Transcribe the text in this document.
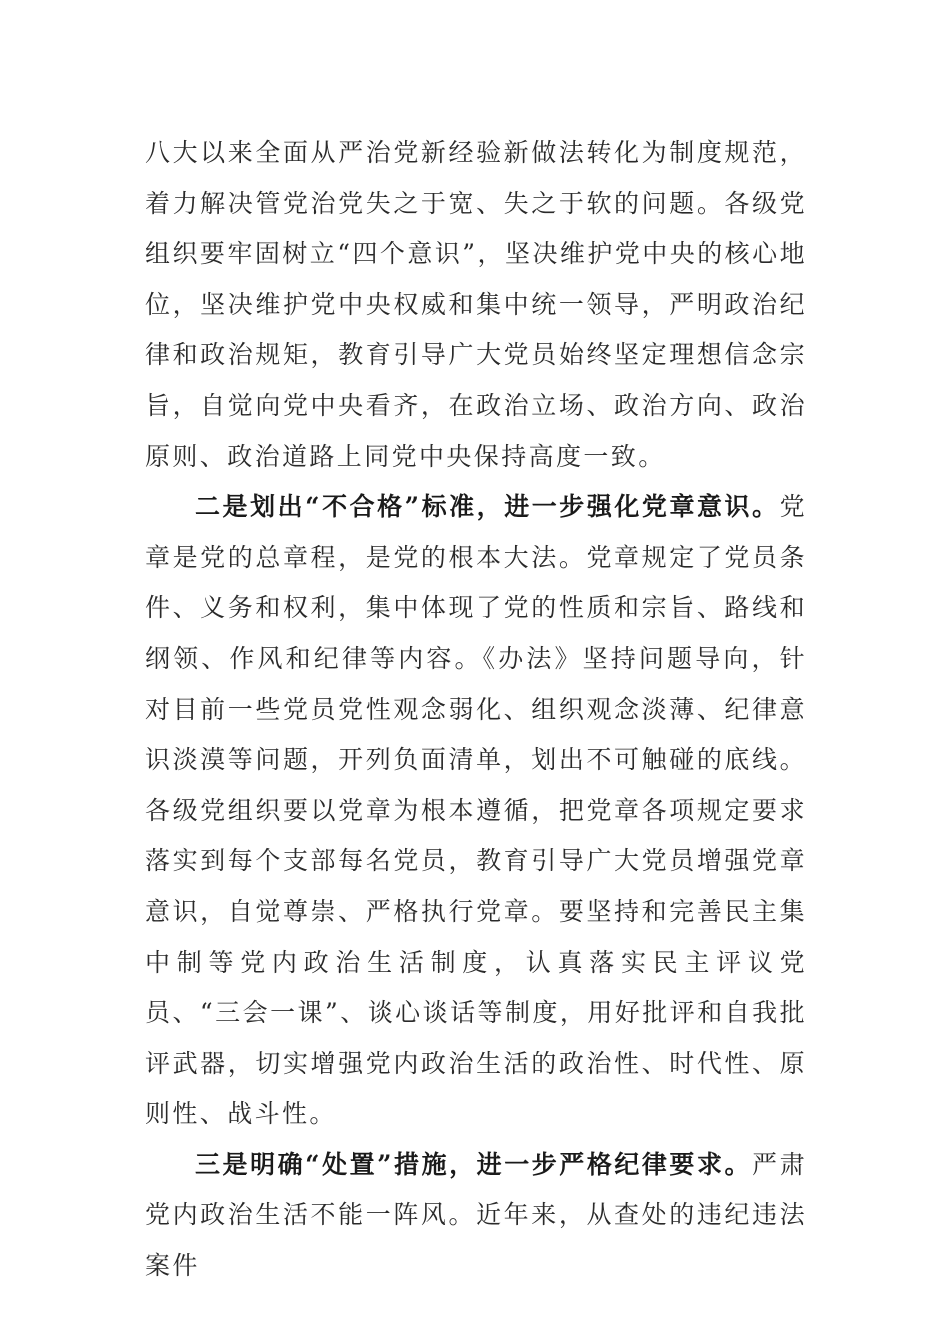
八大以来全面从严治党新经验新做法转化为制度规范，着力解决管党治党失之于宽、失之于软的问题。各级党组织要牢固树立“四个意识”，坚决维护党中央的核心地位，坚决维护党中央权威和集中统一领导，严明政治纪律和政治规矩，教育引导广大党员始终坚定理想信念宗旨，自觉向党中央看齐，在政治立场、政治方向、政治原则、政治道路上同党中央保持高度一致。

二是划出“不合格”标准，进一步强化党章意识。党章是党的总章程，是党的根本大法。党章规定了党员条件、义务和权利，集中体现了党的性质和宗旨、路线和纲领、作风和纪律等内容。《办法》坚持问题导向，针对目前一些党员党性观念弱化、组织观念淡薄、纪律意识淡漠等问题，开列负面清单，划出不可触碰的底线。各级党组织要以党章为根本遵循，把党章各项规定要求落实到每个支部每名党员，教育引导广大党员增强党章意识，自觉尊崇、严格执行党章。要坚持和完善民主集中制等党内政治生活制度，认真落实民主评议党员、“三会一课”、谈心谈话等制度，用好批评和自我批评武器，切实增强党内政治生活的政治性、时代性、原则性、战斗性。

三是明确“处置”措施，进一步严格纪律要求。严肃党内政治生活不能一阵风。近年来，从查处的违纪违法案件
